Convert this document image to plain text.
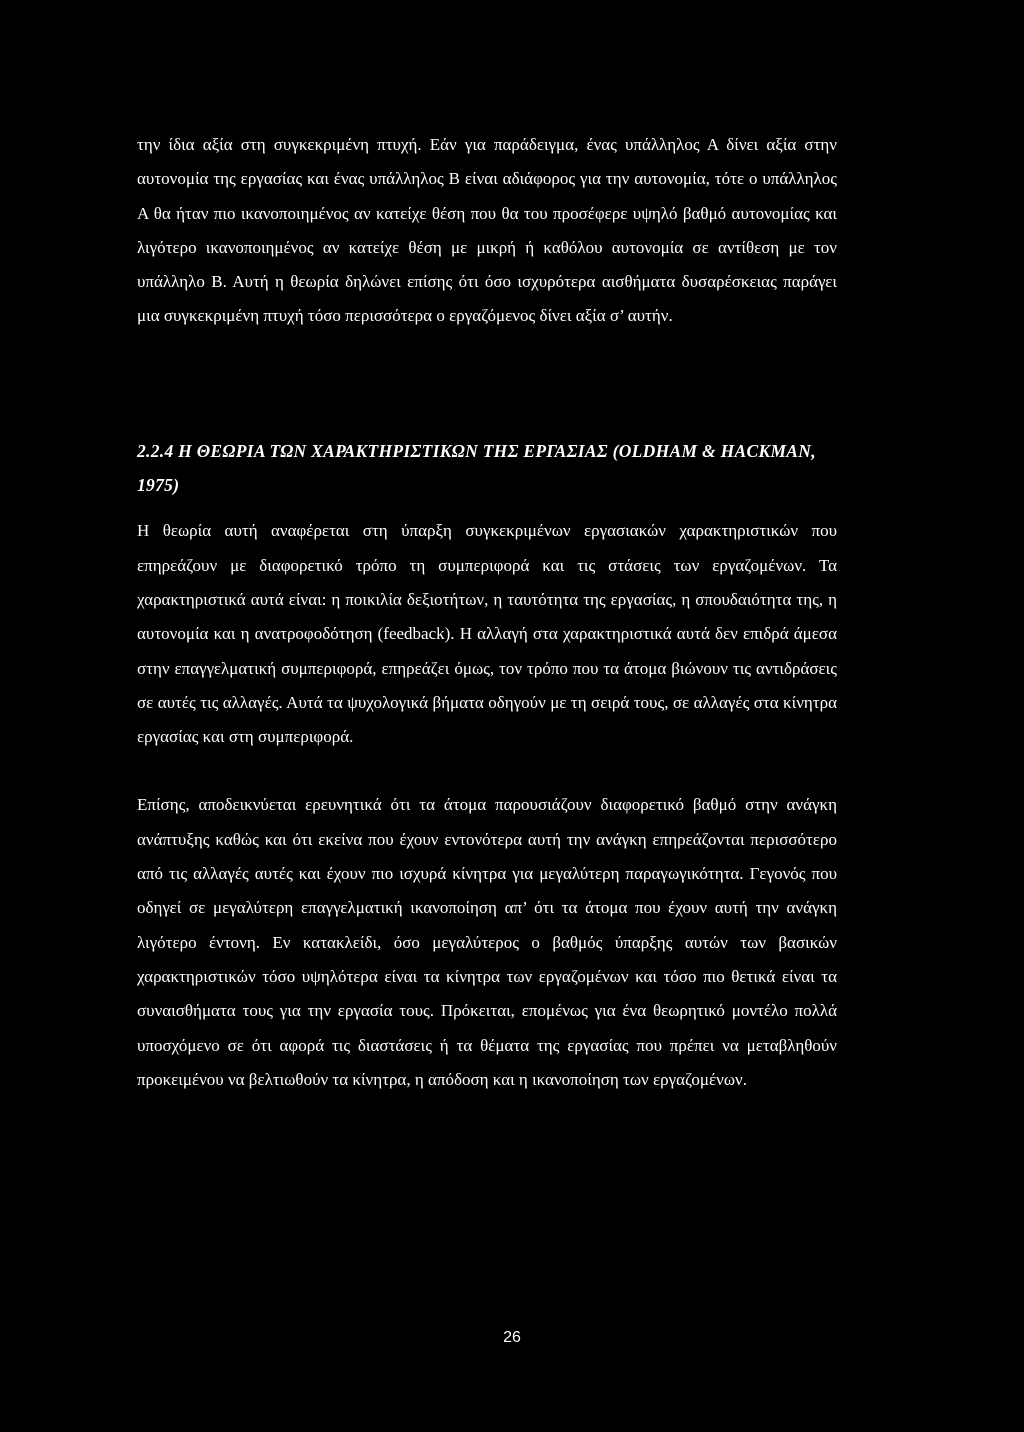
την ίδια αξία στη συγκεκριμένη πτυχή. Εάν για παράδειγμα, ένας υπάλληλος Α δίνει αξία στην αυτονομία της εργασίας και ένας υπάλληλος Β είναι αδιάφορος για την αυτονομία, τότε ο υπάλληλος Α θα ήταν πιο ικανοποιημένος αν κατείχε θέση που θα του προσέφερε υψηλό βαθμό αυτονομίας και λιγότερο ικανοποιημένος αν κατείχε θέση με μικρή ή καθόλου αυτονομία σε αντίθεση με τον υπάλληλο Β. Αυτή η θεωρία δηλώνει επίσης ότι όσο ισχυρότερα αισθήματα δυσαρέσκειας παράγει μια συγκεκριμένη πτυχή τόσο περισσότερα ο εργαζόμενος δίνει αξία σ’ αυτήν.

2.2.4 Η ΘΕΩΡΙΑ ΤΩΝ ΧΑΡΑΚΤΗΡΙΣΤΙΚΩΝ ΤΗΣ ΕΡΓΑΣΙΑΣ (OLDHAM & HACKMAN, 1975)

Η θεωρία αυτή αναφέρεται στη ύπαρξη συγκεκριμένων εργασιακών χαρακτηριστικών που επηρεάζουν με διαφορετικό τρόπο τη συμπεριφορά και τις στάσεις των εργαζομένων. Τα χαρακτηριστικά αυτά είναι: η ποικιλία δεξιοτήτων, η ταυτότητα της εργασίας, η σπουδαιότητα της, η αυτονομία και η ανατροφοδότηση (feedback). Η αλλαγή στα χαρακτηριστικά αυτά δεν επιδρά άμεσα στην επαγγελματική συμπεριφορά, επηρεάζει όμως, τον τρόπο που τα άτομα βιώνουν τις αντιδράσεις σε αυτές τις αλλαγές. Αυτά τα ψυχολογικά βήματα οδηγούν με τη σειρά τους, σε αλλαγές στα κίνητρα εργασίας και στη συμπεριφορά.

Επίσης, αποδεικνύεται ερευνητικά ότι τα άτομα παρουσιάζουν διαφορετικό βαθμό στην ανάγκη ανάπτυξης καθώς και ότι εκείνα που έχουν εντονότερα αυτή την ανάγκη επηρεάζονται περισσότερο από τις αλλαγές αυτές και έχουν πιο ισχυρά κίνητρα για μεγαλύτερη παραγωγικότητα. Γεγονός που οδηγεί σε μεγαλύτερη επαγγελματική ικανοποίηση απ’ ότι τα άτομα που έχουν αυτή την ανάγκη λιγότερο έντονη. Εν κατακλείδι, όσο μεγαλύτερος ο βαθμός ύπαρξης αυτών των βασικών χαρακτηριστικών τόσο υψηλότερα είναι τα κίνητρα των εργαζομένων και τόσο πιο θετικά είναι τα συναισθήματα τους για την εργασία τους. Πρόκειται, επομένως για ένα θεωρητικό μοντέλο πολλά υποσχόμενο σε ότι αφορά τις διαστάσεις ή τα θέματα της εργασίας που πρέπει να μεταβληθούν προκειμένου να βελτιωθούν τα κίνητρα, η απόδοση και η ικανοποίηση των εργαζομένων.

26
